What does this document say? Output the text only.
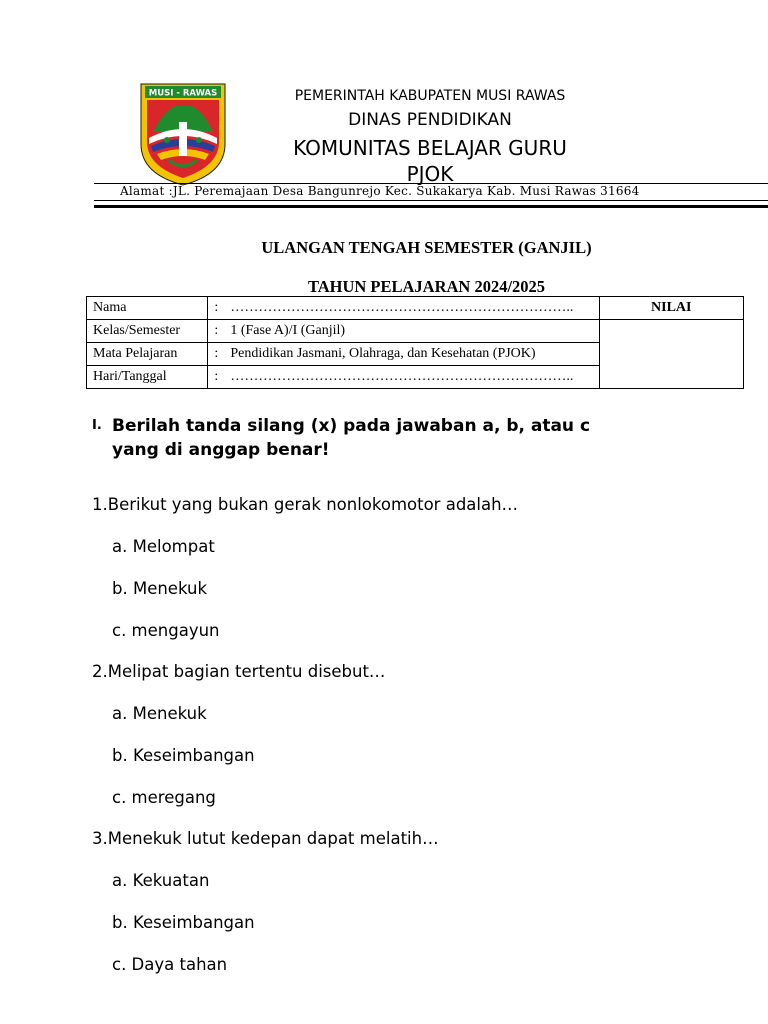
MUSI - RAWAS	PEMERINTAH KABUPATEN MUSI RAWAS
DINAS PENDIDIKAN
KOMUNITAS BELAJAR GURU
PJOK
Alamat :JL. Peremajaan Desa Bangunrejo Kec. Sukakarya Kab. Musi Rawas 31664
ULANGAN TENGAH SEMESTER (GANJIL)
TAHUN PELAJARAN 2024/2025
Nama	: ………………………………………………………………..	NILAI
Kelas/Semester	: 1 (Fase A)/I (Ganjil)	
Mata Pelajaran	: Pendidikan Jasmani, Olahraga, dan Kesehatan (PJOK)	
Hari/Tanggal	: ………………………………………………………………..	
I. Berilah tanda silang (x) pada jawaban a, b, atau c yang di anggap benar!
1.Berikut yang bukan gerak nonlokomotor adalah…
a. Melompat
b. Menekuk
c. mengayun
2.Melipat bagian tertentu disebut…
a. Menekuk
b. Keseimbangan
c. meregang
3.Menekuk lutut kedepan dapat melatih…
a. Kekuatan
b. Keseimbangan
c. Daya tahan
